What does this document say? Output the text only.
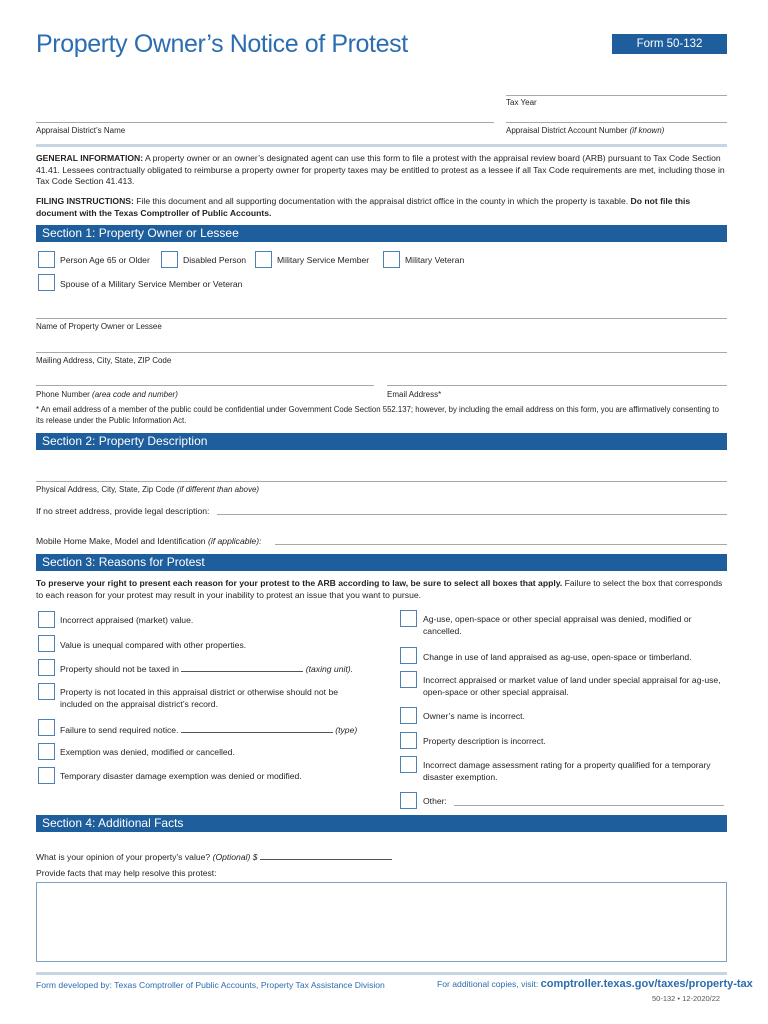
Property Owner’s Notice of Protest	Form 50-132
Tax Year
Appraisal District’s Name	Appraisal District Account Number (if known)
GENERAL INFORMATION: A property owner or an owner’s designated agent can use this form to file a protest with the appraisal review board (ARB) pursuant to Tax Code Section 41.41. Lessees contractually obligated to reimburse a property owner for property taxes may be entitled to protest as a lessee if all Tax Code requirements are met, including those in Tax Code Section 41.413.
FILING INSTRUCTIONS: File this document and all supporting documentation with the appraisal district office in the county in which the property is taxable. Do not file this document with the Texas Comptroller of Public Accounts.
Section 1: Property Owner or Lessee
Person Age 65 or Older	Disabled Person	Military Service Member	Military Veteran
Spouse of a Military Service Member or Veteran
Name of Property Owner or Lessee
Mailing Address, City, State, ZIP Code
Phone Number (area code and number)	Email Address*
* An email address of a member of the public could be confidential under Government Code Section 552.137; however, by including the email address on this form, you are affirmatively consenting to its release under the Public Information Act.
Section 2: Property Description
Physical Address, City, State, Zip Code (if different than above)
If no street address, provide legal description:
Mobile Home Make, Model and Identification (if applicable):
Section 3: Reasons for Protest
To preserve your right to present each reason for your protest to the ARB according to law, be sure to select all boxes that apply. Failure to select the box that corresponds to each reason for your protest may result in your inability to protest an issue that you want to pursue.
Incorrect appraised (market) value.
Value is unequal compared with other properties.
Property should not be taxed in	(taxing unit).
Property is not located in this appraisal district or otherwise should not be included on the appraisal district’s record.
Failure to send required notice.	(type)
Exemption was denied, modified or cancelled.
Temporary disaster damage exemption was denied or modified.
Ag-use, open-space or other special appraisal was denied, modified or cancelled.
Change in use of land appraised as ag-use, open-space or timberland.
Incorrect appraised or market value of land under special appraisal for ag-use, open-space or other special appraisal.
Owner’s name is incorrect.
Property description is incorrect.
Incorrect damage assessment rating for a property qualified for a temporary disaster exemption.
Other:
Section 4: Additional Facts
What is your opinion of your property’s value? (Optional) $
Provide facts that may help resolve this protest:
Form developed by: Texas Comptroller of Public Accounts, Property Tax Assistance Division	For additional copies, visit: comptroller.texas.gov/taxes/property-tax
50-132 • 12-2020/22
